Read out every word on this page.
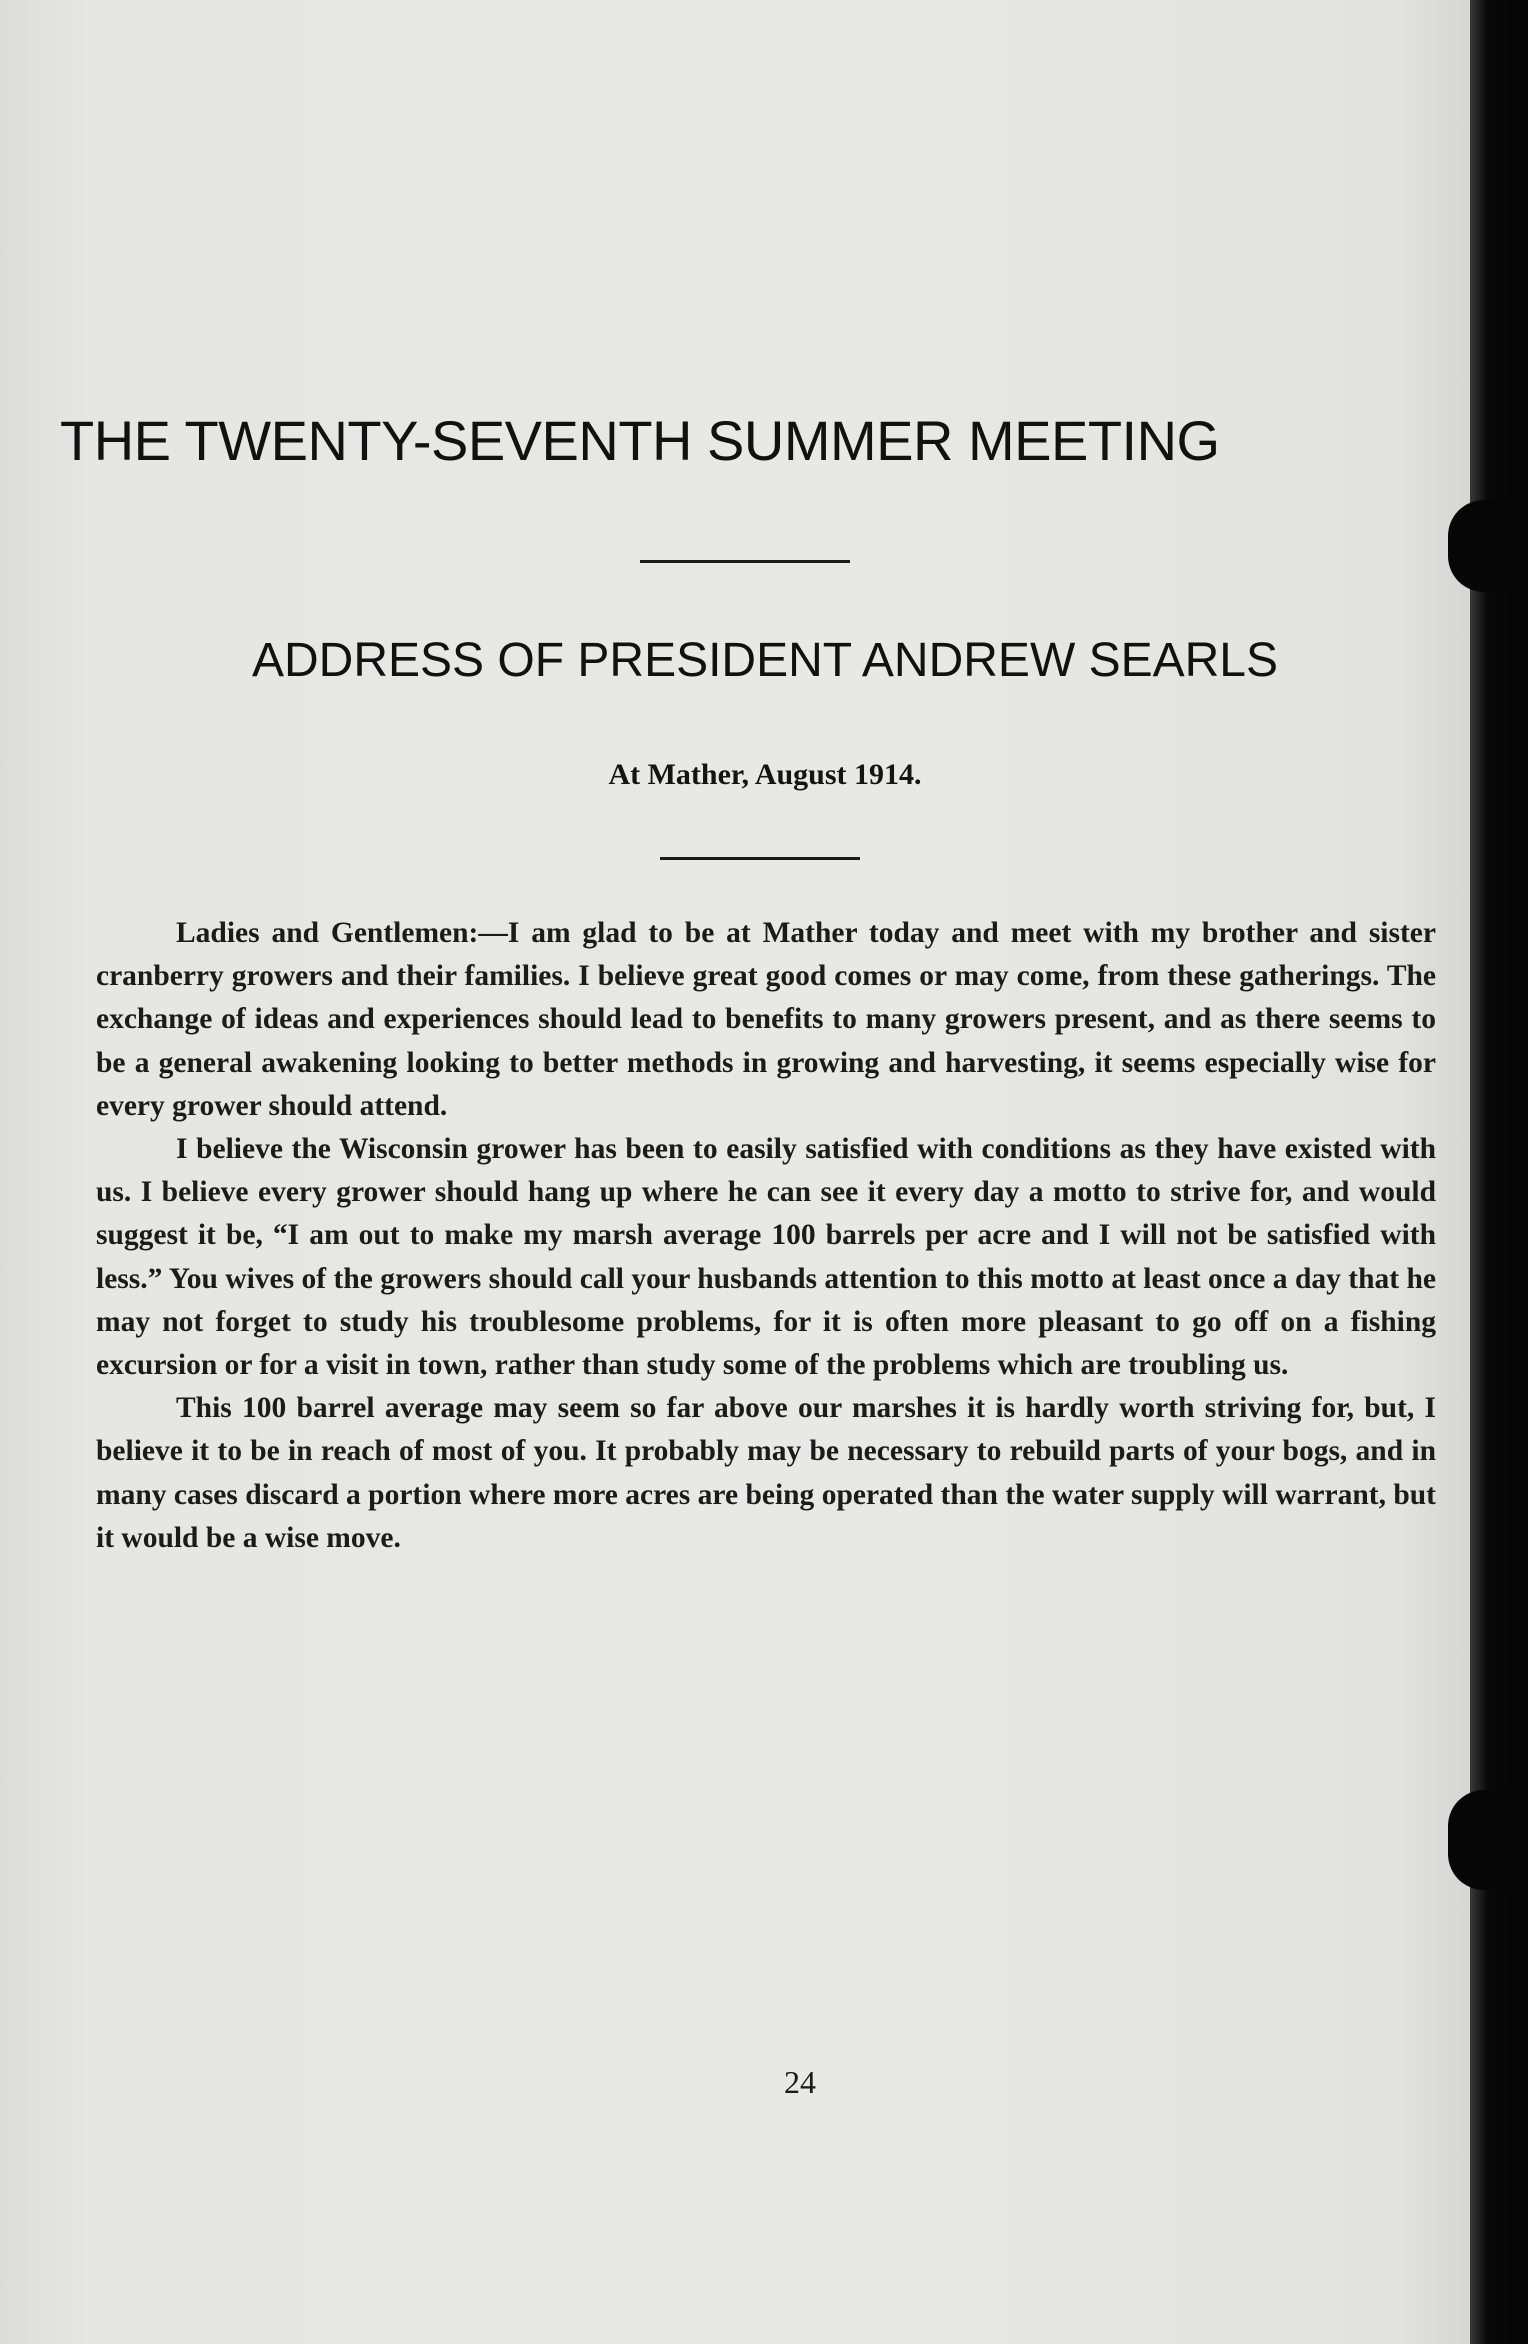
THE TWENTY-SEVENTH SUMMER MEETING
ADDRESS OF PRESIDENT ANDREW SEARLS
At Mather, August 1914.

Ladies and Gentlemen:—I am glad to be at Mather today and meet with my brother and sister cranberry growers and their families. I believe great good comes or may come, from these gatherings. The exchange of ideas and experiences should lead to benefits to many growers present, and as there seems to be a general awakening looking to better methods in growing and harvesting, it seems especially wise for every grower should attend.

I believe the Wisconsin grower has been to easily satisfied with conditions as they have existed with us. I believe every grower should hang up where he can see it every day a motto to strive for, and would suggest it be, “I am out to make my marsh average 100 barrels per acre and I will not be satisfied with less.” You wives of the growers should call your husbands attention to this motto at least once a day that he may not forget to study his troublesome problems, for it is often more pleasant to go off on a fishing excursion or for a visit in town, rather than study some of the problems which are troubling us.

This 100 barrel average may seem so far above our marshes it is hardly worth striving for, but, I believe it to be in reach of most of you. It probably may be necessary to rebuild parts of your bogs, and in many cases discard a portion where more acres are being operated than the water supply will warrant, but it would be a wise move.

24
